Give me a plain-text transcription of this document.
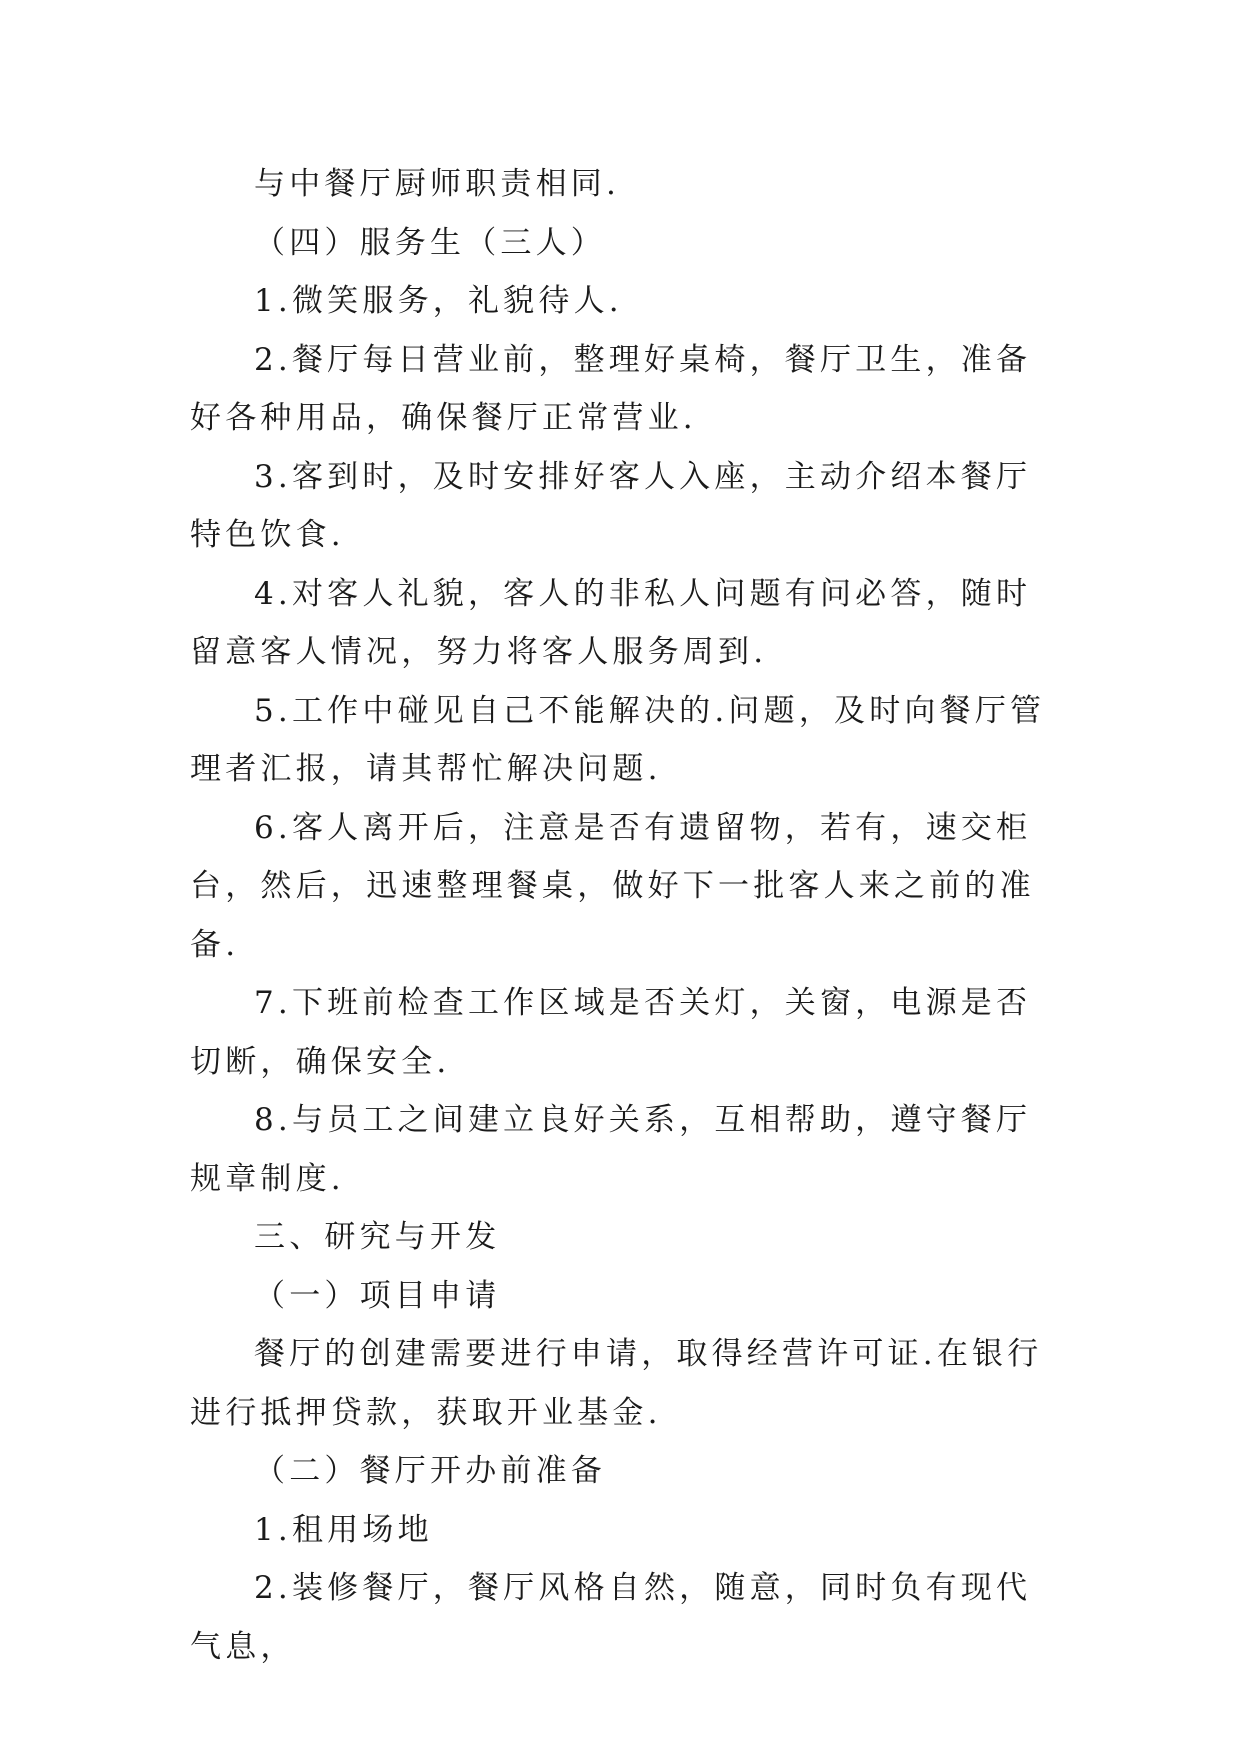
与中餐厅厨师职责相同.

（四）服务生（三人）

1.微笑服务，礼貌待人.

2.餐厅每日营业前，整理好桌椅，餐厅卫生，准备好各种用品，确保餐厅正常营业.

3.客到时，及时安排好客人入座，主动介绍本餐厅特色饮食.

4.对客人礼貌，客人的非私人问题有问必答，随时留意客人情况，努力将客人服务周到.

5.工作中碰见自己不能解决的.问题，及时向餐厅管理者汇报，请其帮忙解决问题.

6.客人离开后，注意是否有遗留物，若有，速交柜台，然后，迅速整理餐桌，做好下一批客人来之前的准备.

7.下班前检查工作区域是否关灯，关窗，电源是否切断，确保安全.

8.与员工之间建立良好关系，互相帮助，遵守餐厅规章制度.

三、研究与开发

（一）项目申请

餐厅的创建需要进行申请，取得经营许可证.在银行进行抵押贷款，获取开业基金.

（二）餐厅开办前准备

1.租用场地

2.装修餐厅，餐厅风格自然，随意，同时负有现代气息，
